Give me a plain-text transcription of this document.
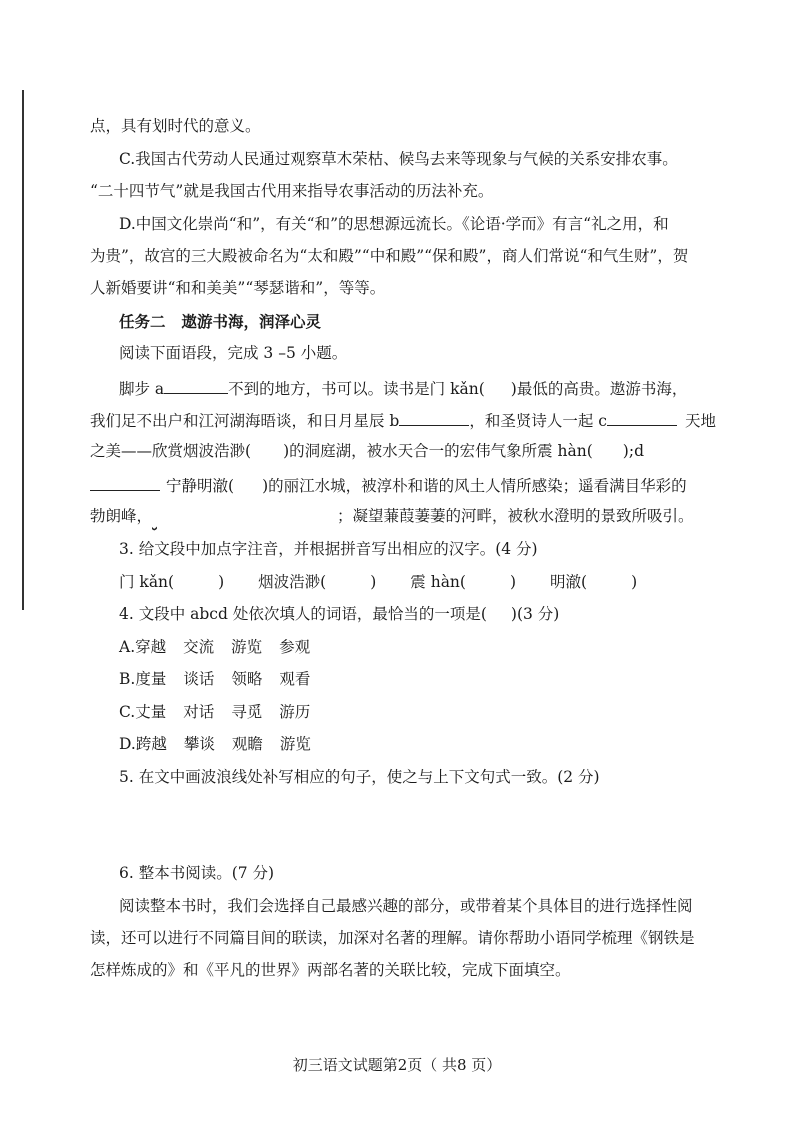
点，具有划时代的意义。
C.我国古代劳动人民通过观察草木荣枯、候鸟去来等现象与气候的关系安排农事。
“二十四节气”就是我国古代用来指导农事活动的历法补充。
D.中国文化崇尚“和”，有关“和”的思想源远流长。《论语·学而》有言“礼之用，和
为贵”，故宫的三大殿被命名为“太和殿”“中和殿”“保和殿”，商人们常说“和气生财”，贺
人新婚要讲“和和美美”“琴瑟谐和”，等等。
任务二 遨游书海，润泽心灵
阅读下面语段，完成 3 –5 小题。
脚步 a	不到的地方，书可以。读书是门 kǎn( )最低的高贵。遨游书海，
我们足不出户和江河湖海晤谈，和日月星辰 b	，和圣贤诗人一起 c	天地
之美——欣赏烟波浩渺( )的洞庭湖，被水天合一的宏伟气象所震 hàn( );d
宁静明澈( )的丽江水城，被淳朴和谐的风土人情所感染；遥看满目华彩的
勃朗峰，	；凝望蒹葭萋萋的河畔，被秋水澄明的景致所吸引。
3. 给文段中加点字注音，并根据拼音写出相应的汉字。(4 分)
门 kǎn(	) 烟波浩渺(	) 震 hàn(	) 明澈(	)
4. 文段中 abcd 处依次填人的词语，最恰当的一项是( )(3 分)
A.穿越 交流 游览 参观
B.度量 谈话 领略 观看
C.丈量 对话 寻觅 游历
D.跨越 攀谈 观瞻 游览
5. 在文中画波浪线处补写相应的句子，使之与上下文句式一致。(2 分)
6. 整本书阅读。(7 分)
阅读整本书时，我们会选择自己最感兴趣的部分，或带着某个具体目的进行选择性阅
读，还可以进行不同篇目间的联读，加深对名著的理解。请你帮助小语同学梳理《钢铁是
怎样炼成的》和《平凡的世界》两部名著的关联比较，完成下面填空。
初三语文试题第2页（ 共8 页）
